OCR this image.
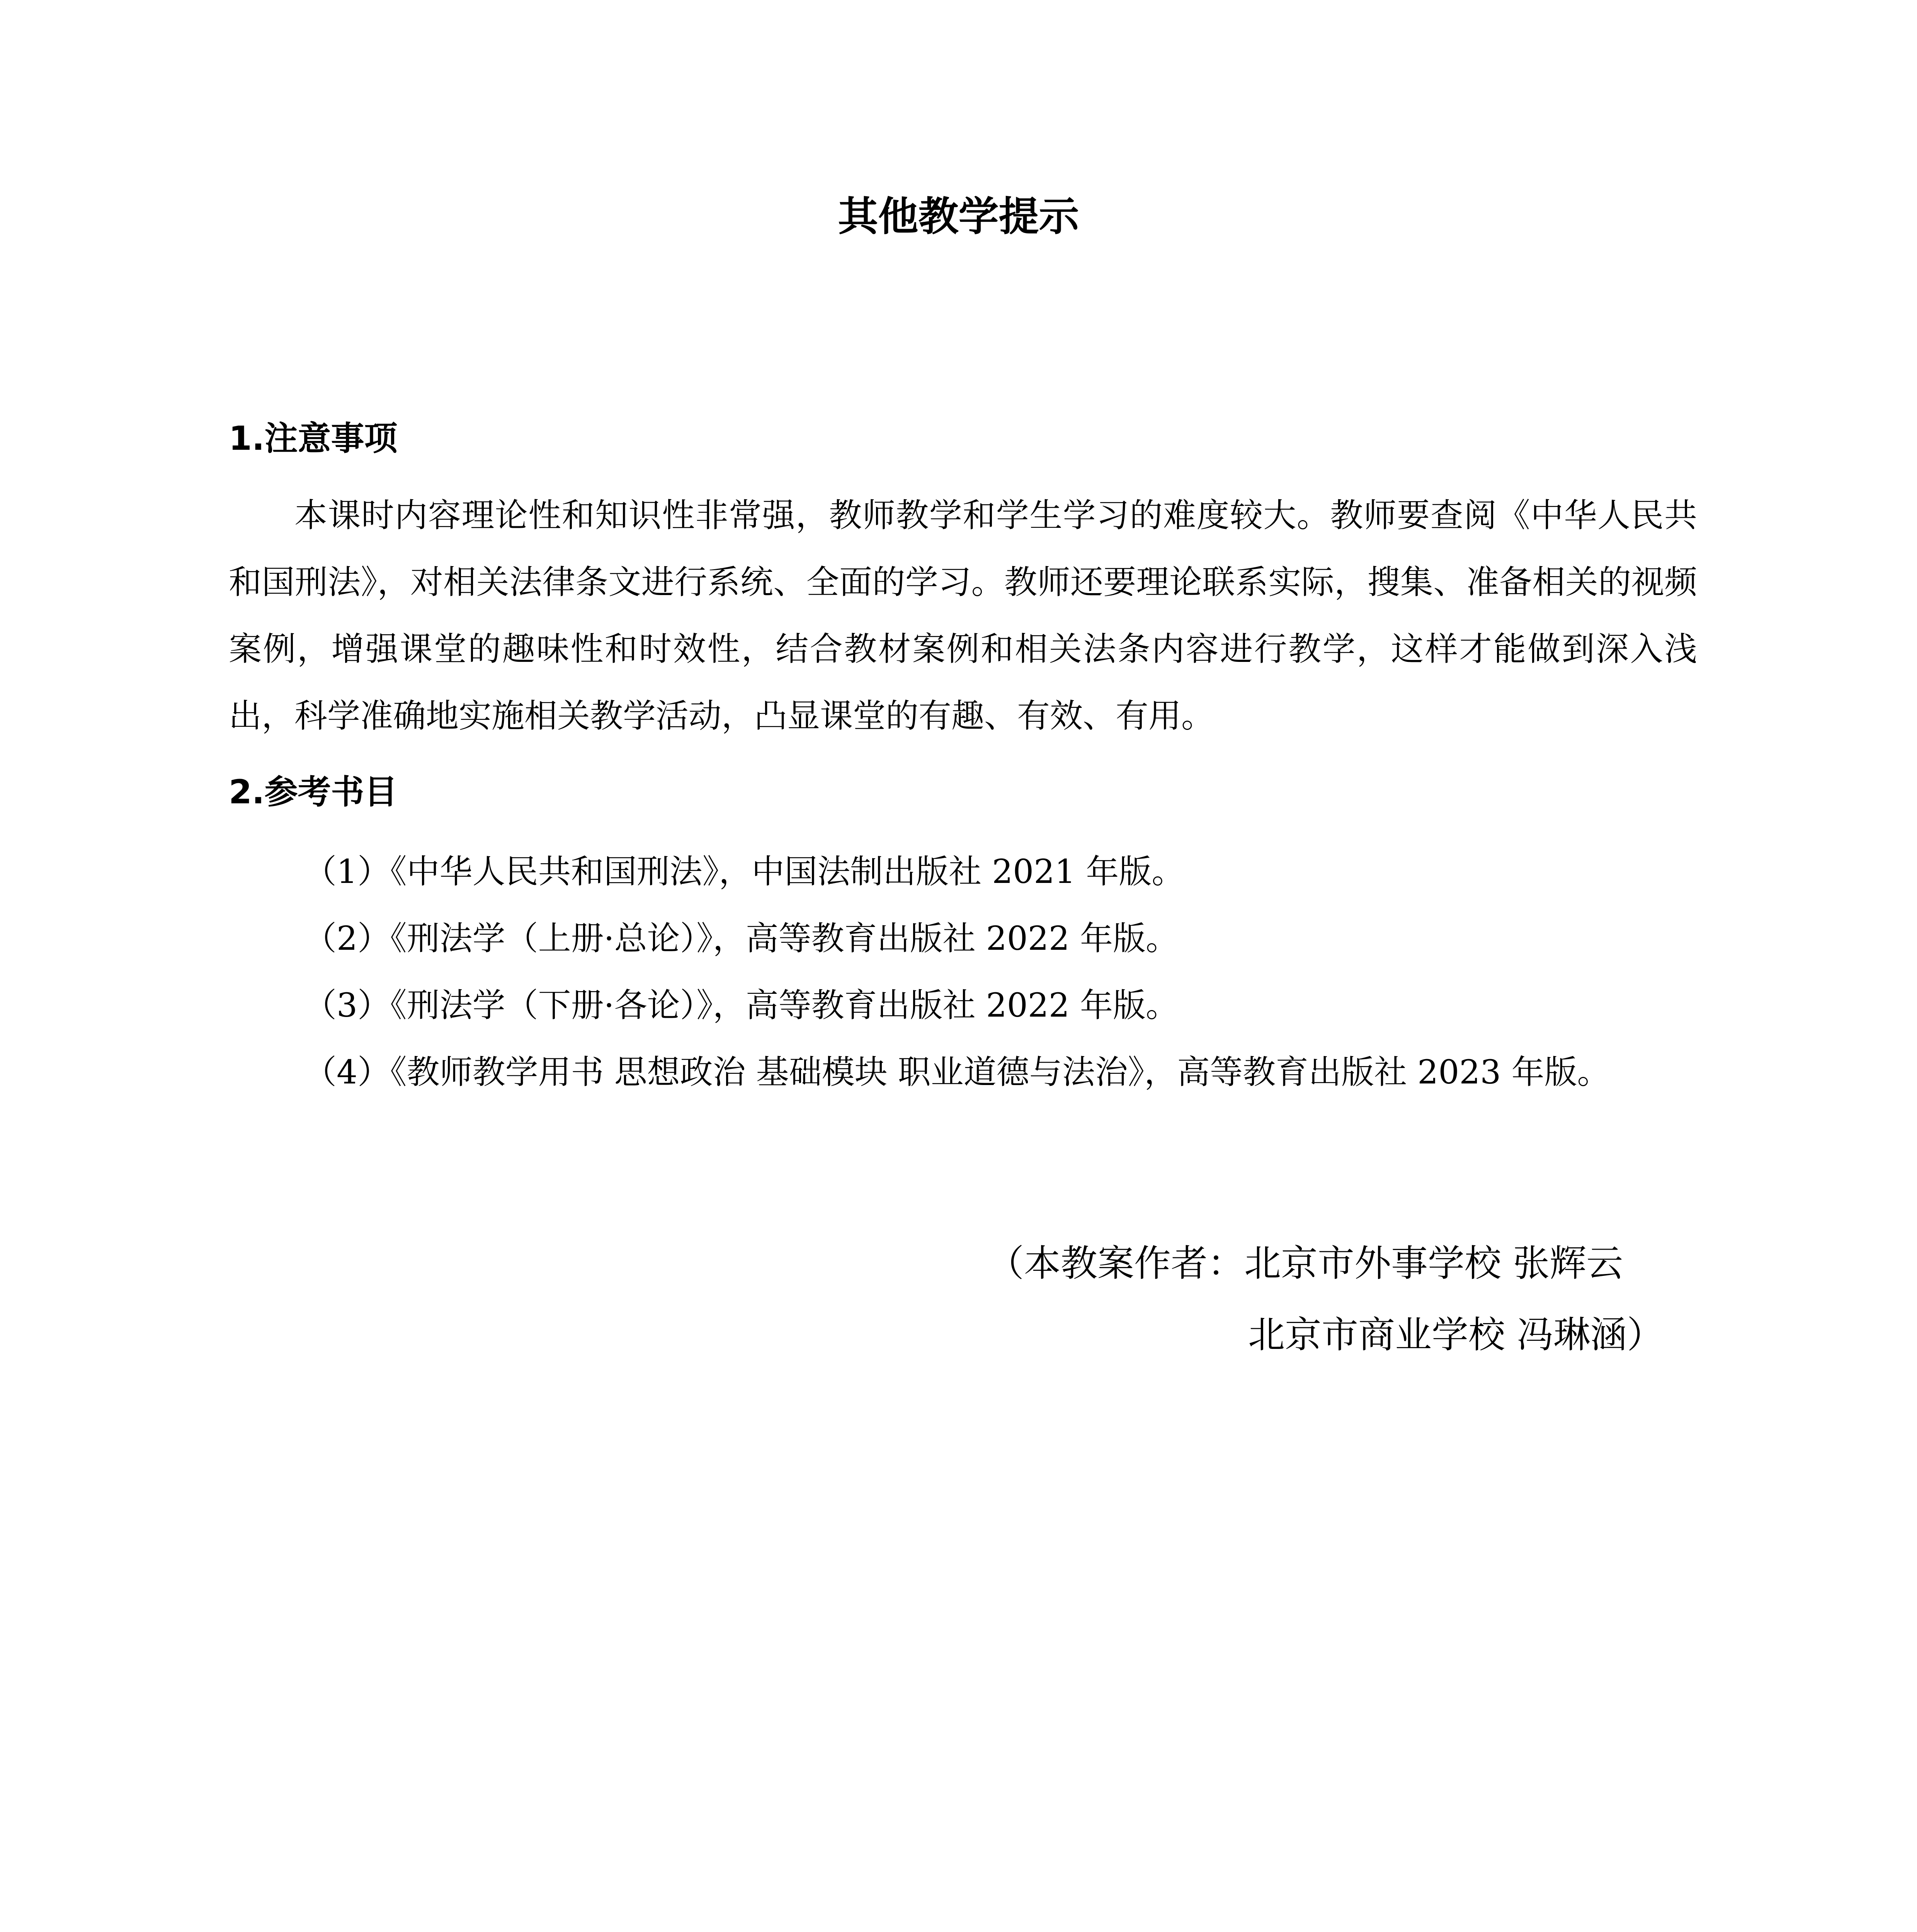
其他教学提示
1.注意事项

本课时内容理论性和知识性非常强，教师教学和学生学习的难度较大。教师要查阅《中华人民共和国刑法》，对相关法律条文进行系统、全面的学习。教师还要理论联系实际，搜集、准备相关的视频案例，增强课堂的趣味性和时效性，结合教材案例和相关法条内容进行教学，这样才能做到深入浅出，科学准确地实施相关教学活动，凸显课堂的有趣、有效、有用。

2.参考书目
（1）《中华人民共和国刑法》，中国法制出版社 2021 年版。
（2）《刑法学（上册·总论）》，高等教育出版社 2022 年版。
（3）《刑法学（下册·各论）》，高等教育出版社 2022 年版。
（4）《教师教学用书 思想政治 基础模块 职业道德与法治》，高等教育出版社 2023 年版。
（本教案作者：北京市外事学校 张辉云
北京市商业学校 冯琳涵）
